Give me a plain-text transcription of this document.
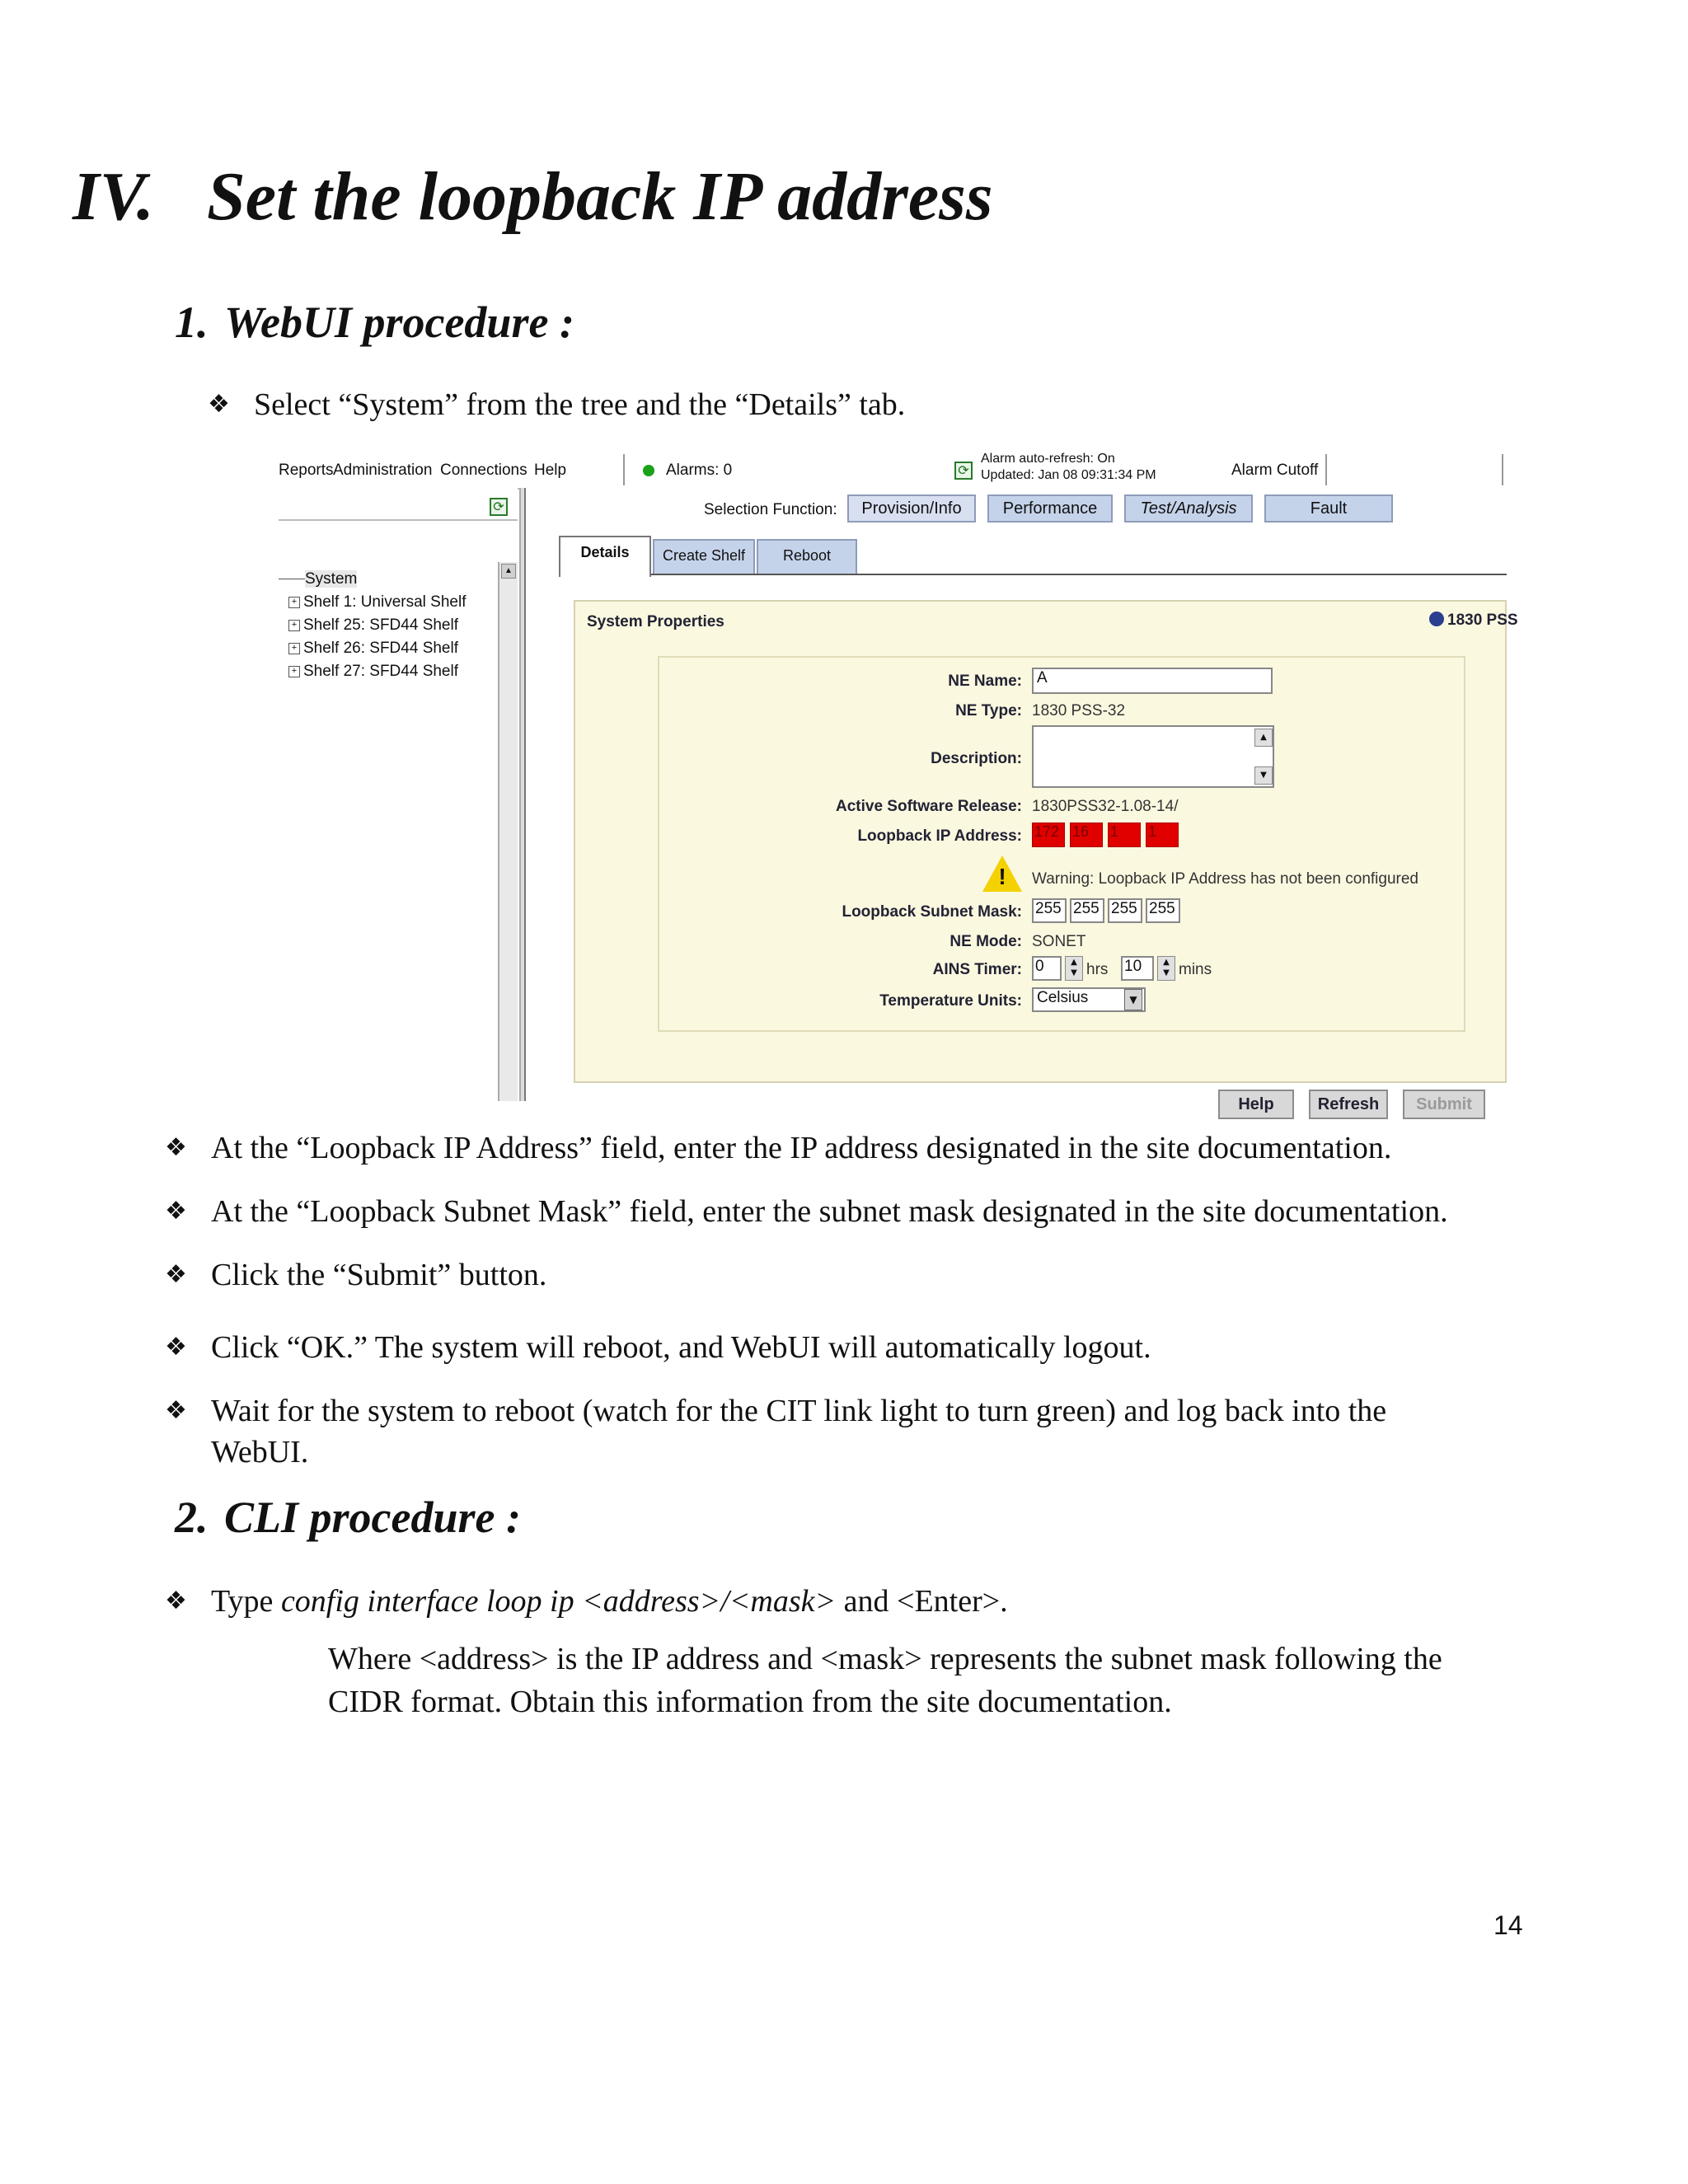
IV. Set the loopback IP address
1. WebUI procedure :
❖ Select “System” from the tree and the “Details” tab.
Reports Administration Connections Help	Alarms: 0	⟳
Alarm auto-refresh: On
Updated: Jan 08 09:31:34 PM	Alarm Cutoff
⟳
▲
System
+ Shelf 1: Universal Shelf
+ Shelf 25: SFD44 Shelf
+ Shelf 26: SFD44 Shelf
+ Shelf 27: SFD44 Shelf
Selection Function:	Provision/Info	Performance	Test/Analysis	Fault
Details	Create Shelf	Reboot
System Properties	1830 PSS
NE Name: A
NE Type: 1830 PSS-32
Description:
▲
▼
Active Software Release: 1830PSS32-1.08-14/
Loopback IP Address: 172 16	1	1
!	Warning: Loopback IP Address has not been configured
Loopback Subnet Mask: 255 255 255 255
NE Mode: SONET
AINS Timer: 0	▲
▼ hrs 10	▲
▼ mins
Temperature Units: Celsius	▼
Help	Refresh	Submit
❖ At the “Loopback IP Address” field, enter the IP address designated in the site documentation.
❖ At the “Loopback Subnet Mask” field, enter the subnet mask designated in the site documentation.
❖ Click the “Submit” button.
❖ Click “OK.” The system will reboot, and WebUI will automatically logout.
❖ Wait for the system to reboot (watch for the CIT link light to turn green) and log back into the
WebUI.
2. CLI procedure :
❖ Type config interface loop ip <address>/<mask> and <Enter>.
Where <address> is the IP address and <mask> represents the subnet mask following the
CIDR format. Obtain this information from the site documentation.
14
